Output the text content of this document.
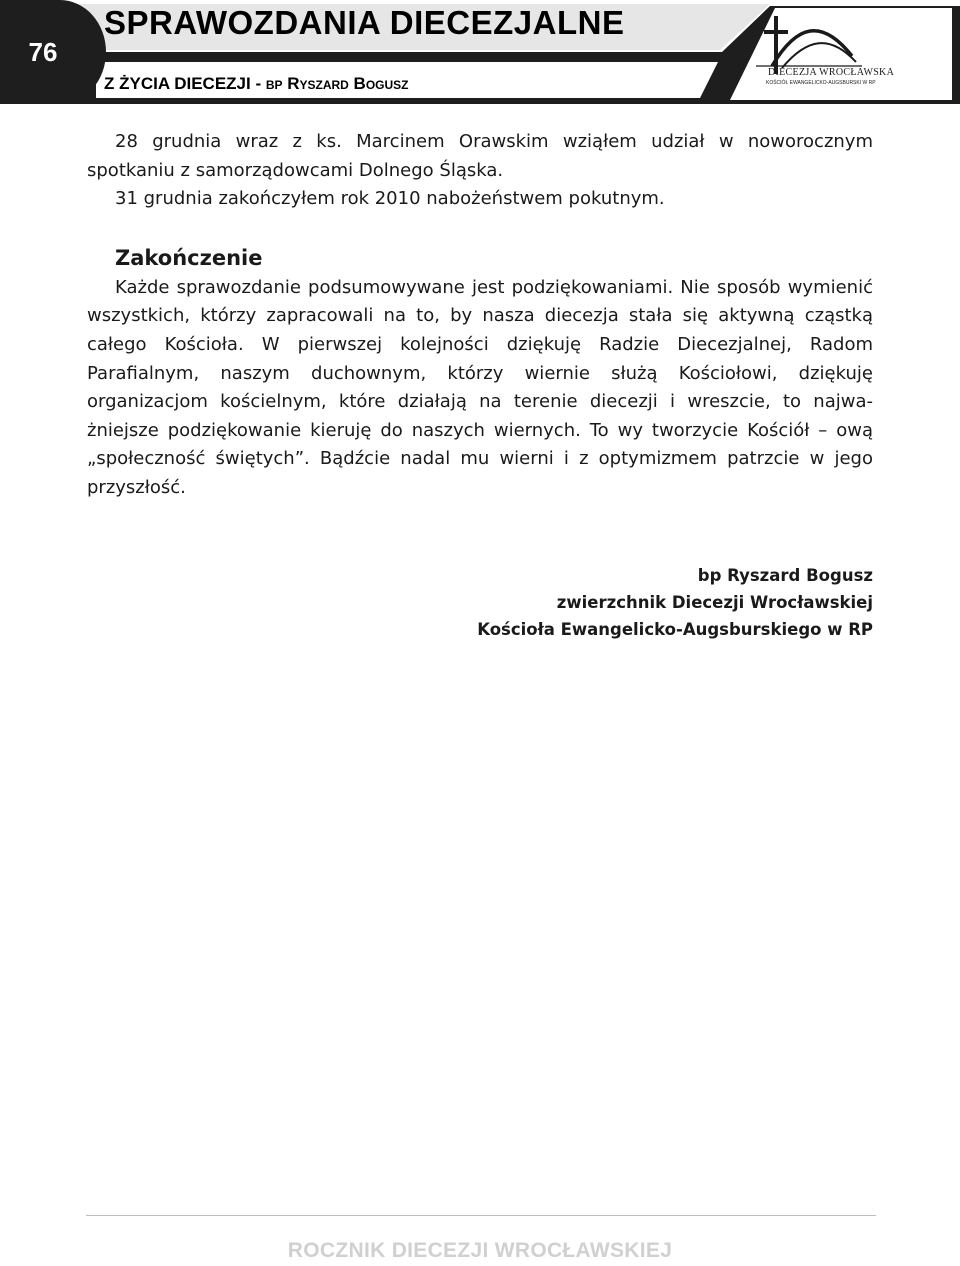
76
SPRAWOZDANIA DIECEZJALNE
Z ŻYCIA DIECEZJI - bp Ryszard Bogusz
DIECEZJA WROCŁAWSKA
KOŚCIÓŁ EWANGELICKO-AUGSBURSKI W RP

28 grudnia wraz z ks. Marcinem Orawskim wziąłem udział w noworocznym spotkaniu z samorządowcami Dolnego Śląska.

31 grudnia zakończyłem rok 2010 nabożeństwem pokutnym.

Zakończenie

Każde sprawozdanie podsumowywane jest podziękowaniami. Nie sposób wymienić wszystkich, którzy zapracowali na to, by nasza diecezja stała się aktywną cząstką całego Kościoła. W pierwszej kolejności dziękuję Radzie Diecezjalnej, Radom Parafialnym, naszym duchownym, którzy wiernie służą Kościołowi, dziękuję organizacjom kościelnym, które działają na terenie diecezji i wreszcie, to najwa-żniejsze podziękowanie kieruję do naszych wiernych. To wy tworzycie Kościół – ową „społeczność świętych”. Bądźcie nadal mu wierni i z optymizmem patrzcie w jego przyszłość.

bp Ryszard Bogusz
zwierzchnik Diecezji Wrocławskiej
Kościoła Ewangelicko-Augsburskiego w RP
ROCZNIK DIECEZJI WROCŁAWSKIEJ
